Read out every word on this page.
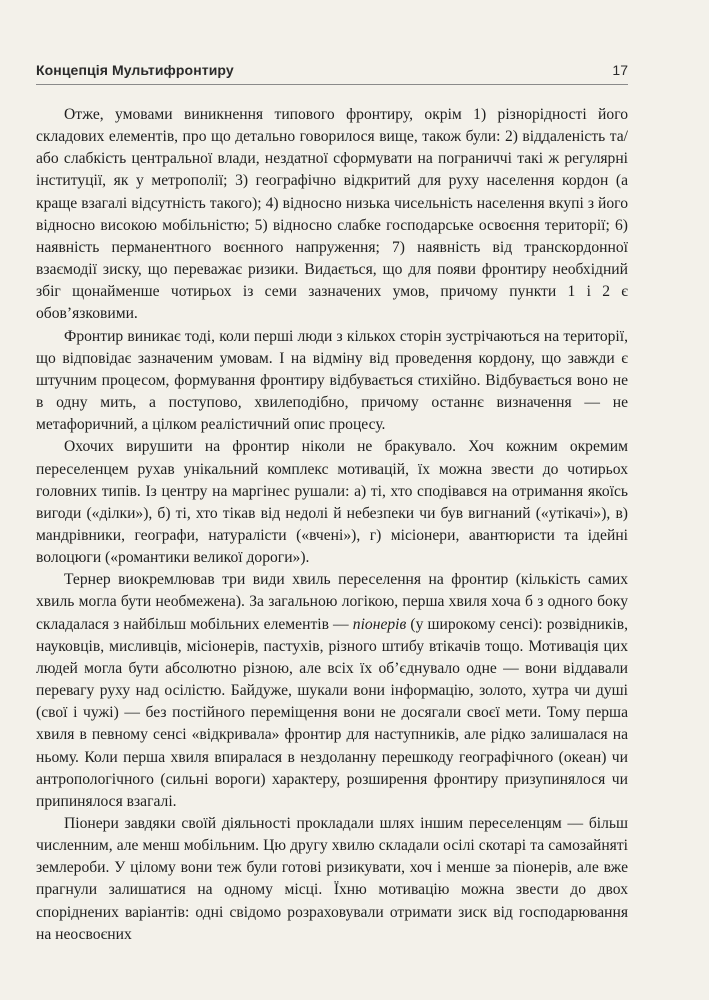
Концепція Мультифронтиру	17

Отже, умовами виникнення типового фронтиру, окрім 1) різнорідності його складових елементів, про що детально говорилося вище, також були: 2) віддаленість та/або слабкість центральної влади, нездатної сформувати на пограниччі такі ж регулярні інституції, як у метрополії; 3) географічно відкритий для руху населення кордон (а краще взагалі відсутність такого); 4) відносно низька чисельність населення вкупі з його відносно високою мобільністю; 5) відносно слабке господарське освоєння території; 6) наявність перманентного воєнного напруження; 7) наявність від транскордонної взаємодії зиску, що переважає ризики. Видається, що для появи фронтиру необхідний збіг щонайменше чотирьох із семи зазначених умов, причому пункти 1 і 2 є обов’язковими.

Фронтир виникає тоді, коли перші люди з кількох сторін зустрічаються на території, що відповідає зазначеним умовам. І на відміну від проведення кордону, що завжди є штучним процесом, формування фронтиру відбувається стихійно. Відбувається воно не в одну мить, а поступово, хвилеподібно, причому останнє визначення — не метафоричний, а цілком реалістичний опис процесу.

Охочих вирушити на фронтир ніколи не бракувало. Хоч кожним окремим переселенцем рухав унікальний комплекс мотивацій, їх можна звести до чотирьох головних типів. Із центру на маргінес рушали: а) ті, хто сподівався на отримання якоїсь вигоди («ділки»), б) ті, хто тікав від недолі й небезпеки чи був вигнаний («утікачі»), в) мандрівники, географи, натуралісти («вчені»), г) місіонери, авантюристи та ідейні волоцюги («романтики великої дороги»).

Тернер виокремлював три види хвиль переселення на фронтир (кількість самих хвиль могла бути необмежена). За загальною логікою, перша хвиля хоча б з одного боку складалася з найбільш мобільних елементів — піонерів (у широкому сенсі): розвідників, науковців, мисливців, місіонерів, пастухів, різного штибу втікачів тощо. Мотивація цих людей могла бути абсолютно різною, але всіх їх об’єднувало одне — вони віддавали перевагу руху над осілістю. Байдуже, шукали вони інформацію, золото, хутра чи душі (свої і чужі) — без постійного переміщення вони не досягали своєї мети. Тому перша хвиля в певному сенсі «відкривала» фронтир для наступників, але рідко залишалася на ньому. Коли перша хвиля впиралася в нездоланну перешкоду географічного (океан) чи антропологічного (сильні вороги) характеру, розширення фронтиру призупинялося чи припинялося взагалі.

Піонери завдяки своїй діяльності прокладали шлях іншим переселенцям — більш численним, але менш мобільним. Цю другу хвилю складали осілі скотарі та самозайняті землероби. У цілому вони теж були готові ризикувати, хоч і менше за піонерів, але вже прагнули залишатися на одному місці. Їхню мотивацію можна звести до двох споріднених варіантів: одні свідомо розраховували отримати зиск від господарювання на неосвоєних
